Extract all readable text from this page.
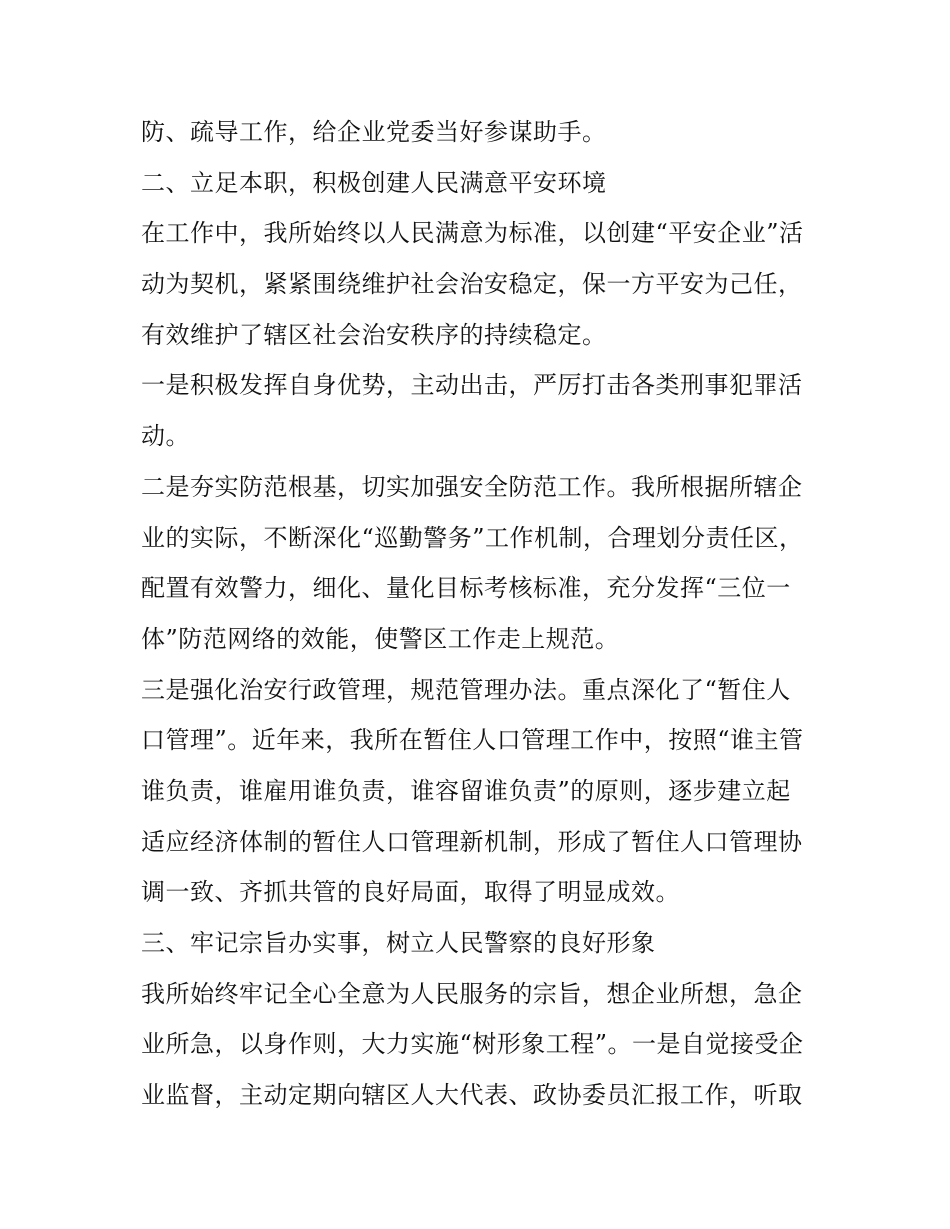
防、疏导工作，给企业党委当好参谋助手。
二、立足本职，积极创建人民满意平安环境
在工作中，我所始终以人民满意为标准，以创建“平安企业”活
动为契机，紧紧围绕维护社会治安稳定，保一方平安为己任，
有效维护了辖区社会治安秩序的持续稳定。
一是积极发挥自身优势，主动出击，严厉打击各类刑事犯罪活
动。
二是夯实防范根基，切实加强安全防范工作。我所根据所辖企
业的实际，不断深化“巡勤警务”工作机制，合理划分责任区，
配置有效警力，细化、量化目标考核标准，充分发挥“三位一
体”防范网络的效能，使警区工作走上规范。
三是强化治安行政管理，规范管理办法。重点深化了“暂住人
口管理”。近年来，我所在暂住人口管理工作中，按照“谁主管
谁负责，谁雇用谁负责，谁容留谁负责”的原则，逐步建立起
适应经济体制的暂住人口管理新机制，形成了暂住人口管理协
调一致、齐抓共管的良好局面，取得了明显成效。
三、牢记宗旨办实事，树立人民警察的良好形象
我所始终牢记全心全意为人民服务的宗旨，想企业所想，急企
业所急，以身作则，大力实施“树形象工程”。一是自觉接受企
业监督，主动定期向辖区人大代表、政协委员汇报工作，听取
